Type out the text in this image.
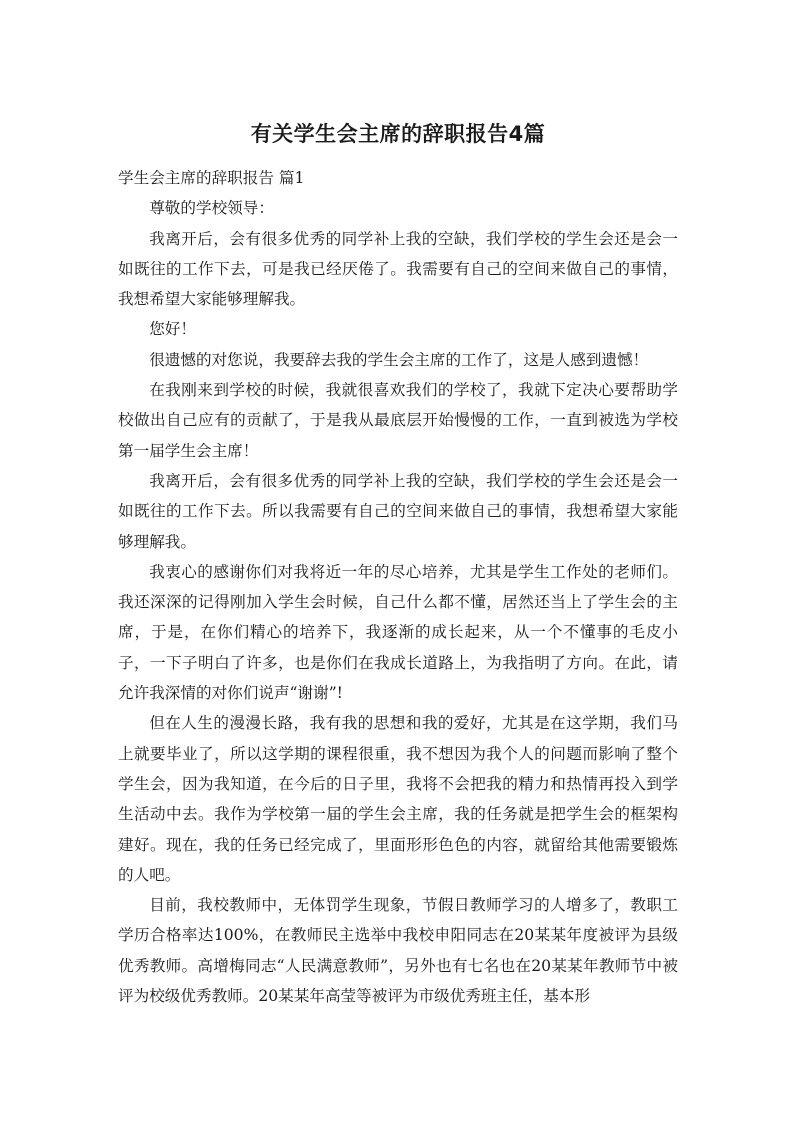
有关学生会主席的辞职报告4篇

学生会主席的辞职报告 篇1

尊敬的学校领导：

我离开后，会有很多优秀的同学补上我的空缺，我们学校的学生会还是会一如既往的工作下去，可是我已经厌倦了。我需要有自己的空间来做自己的事情，我想希望大家能够理解我。

您好！

很遗憾的对您说，我要辞去我的学生会主席的工作了，这是人感到遗憾！

在我刚来到学校的时候，我就很喜欢我们的学校了，我就下定决心要帮助学校做出自己应有的贡献了，于是我从最底层开始慢慢的工作，一直到被选为学校第一届学生会主席！

我离开后，会有很多优秀的同学补上我的空缺，我们学校的学生会还是会一如既往的工作下去。所以我需要有自己的空间来做自己的事情，我想希望大家能够理解我。

我衷心的感谢你们对我将近一年的尽心培养，尤其是学生工作处的老师们。我还深深的记得刚加入学生会时候，自己什么都不懂，居然还当上了学生会的主席，于是，在你们精心的培养下，我逐渐的成长起来，从一个不懂事的毛皮小子，一下子明白了许多，也是你们在我成长道路上，为我指明了方向。在此，请允许我深情的对你们说声“谢谢”!

但在人生的漫漫长路，我有我的思想和我的爱好，尤其是在这学期，我们马上就要毕业了，所以这学期的课程很重，我不想因为我个人的问题而影响了整个学生会，因为我知道，在今后的日子里，我将不会把我的精力和热情再投入到学生活动中去。我作为学校第一届的学生会主席，我的任务就是把学生会的框架构建好。现在，我的任务已经完成了，里面形形色色的内容，就留给其他需要锻炼的人吧。

目前，我校教师中，无体罚学生现象，节假日教师学习的人增多了，教职工学历合格率达100%，在教师民主选举中我校申阳同志在20某某年度被评为县级优秀教师。高增梅同志“人民满意教师”，另外也有七名也在20某某年教师节中被评为校级优秀教师。20某某年高莹等被评为市级优秀班主任，基本形
